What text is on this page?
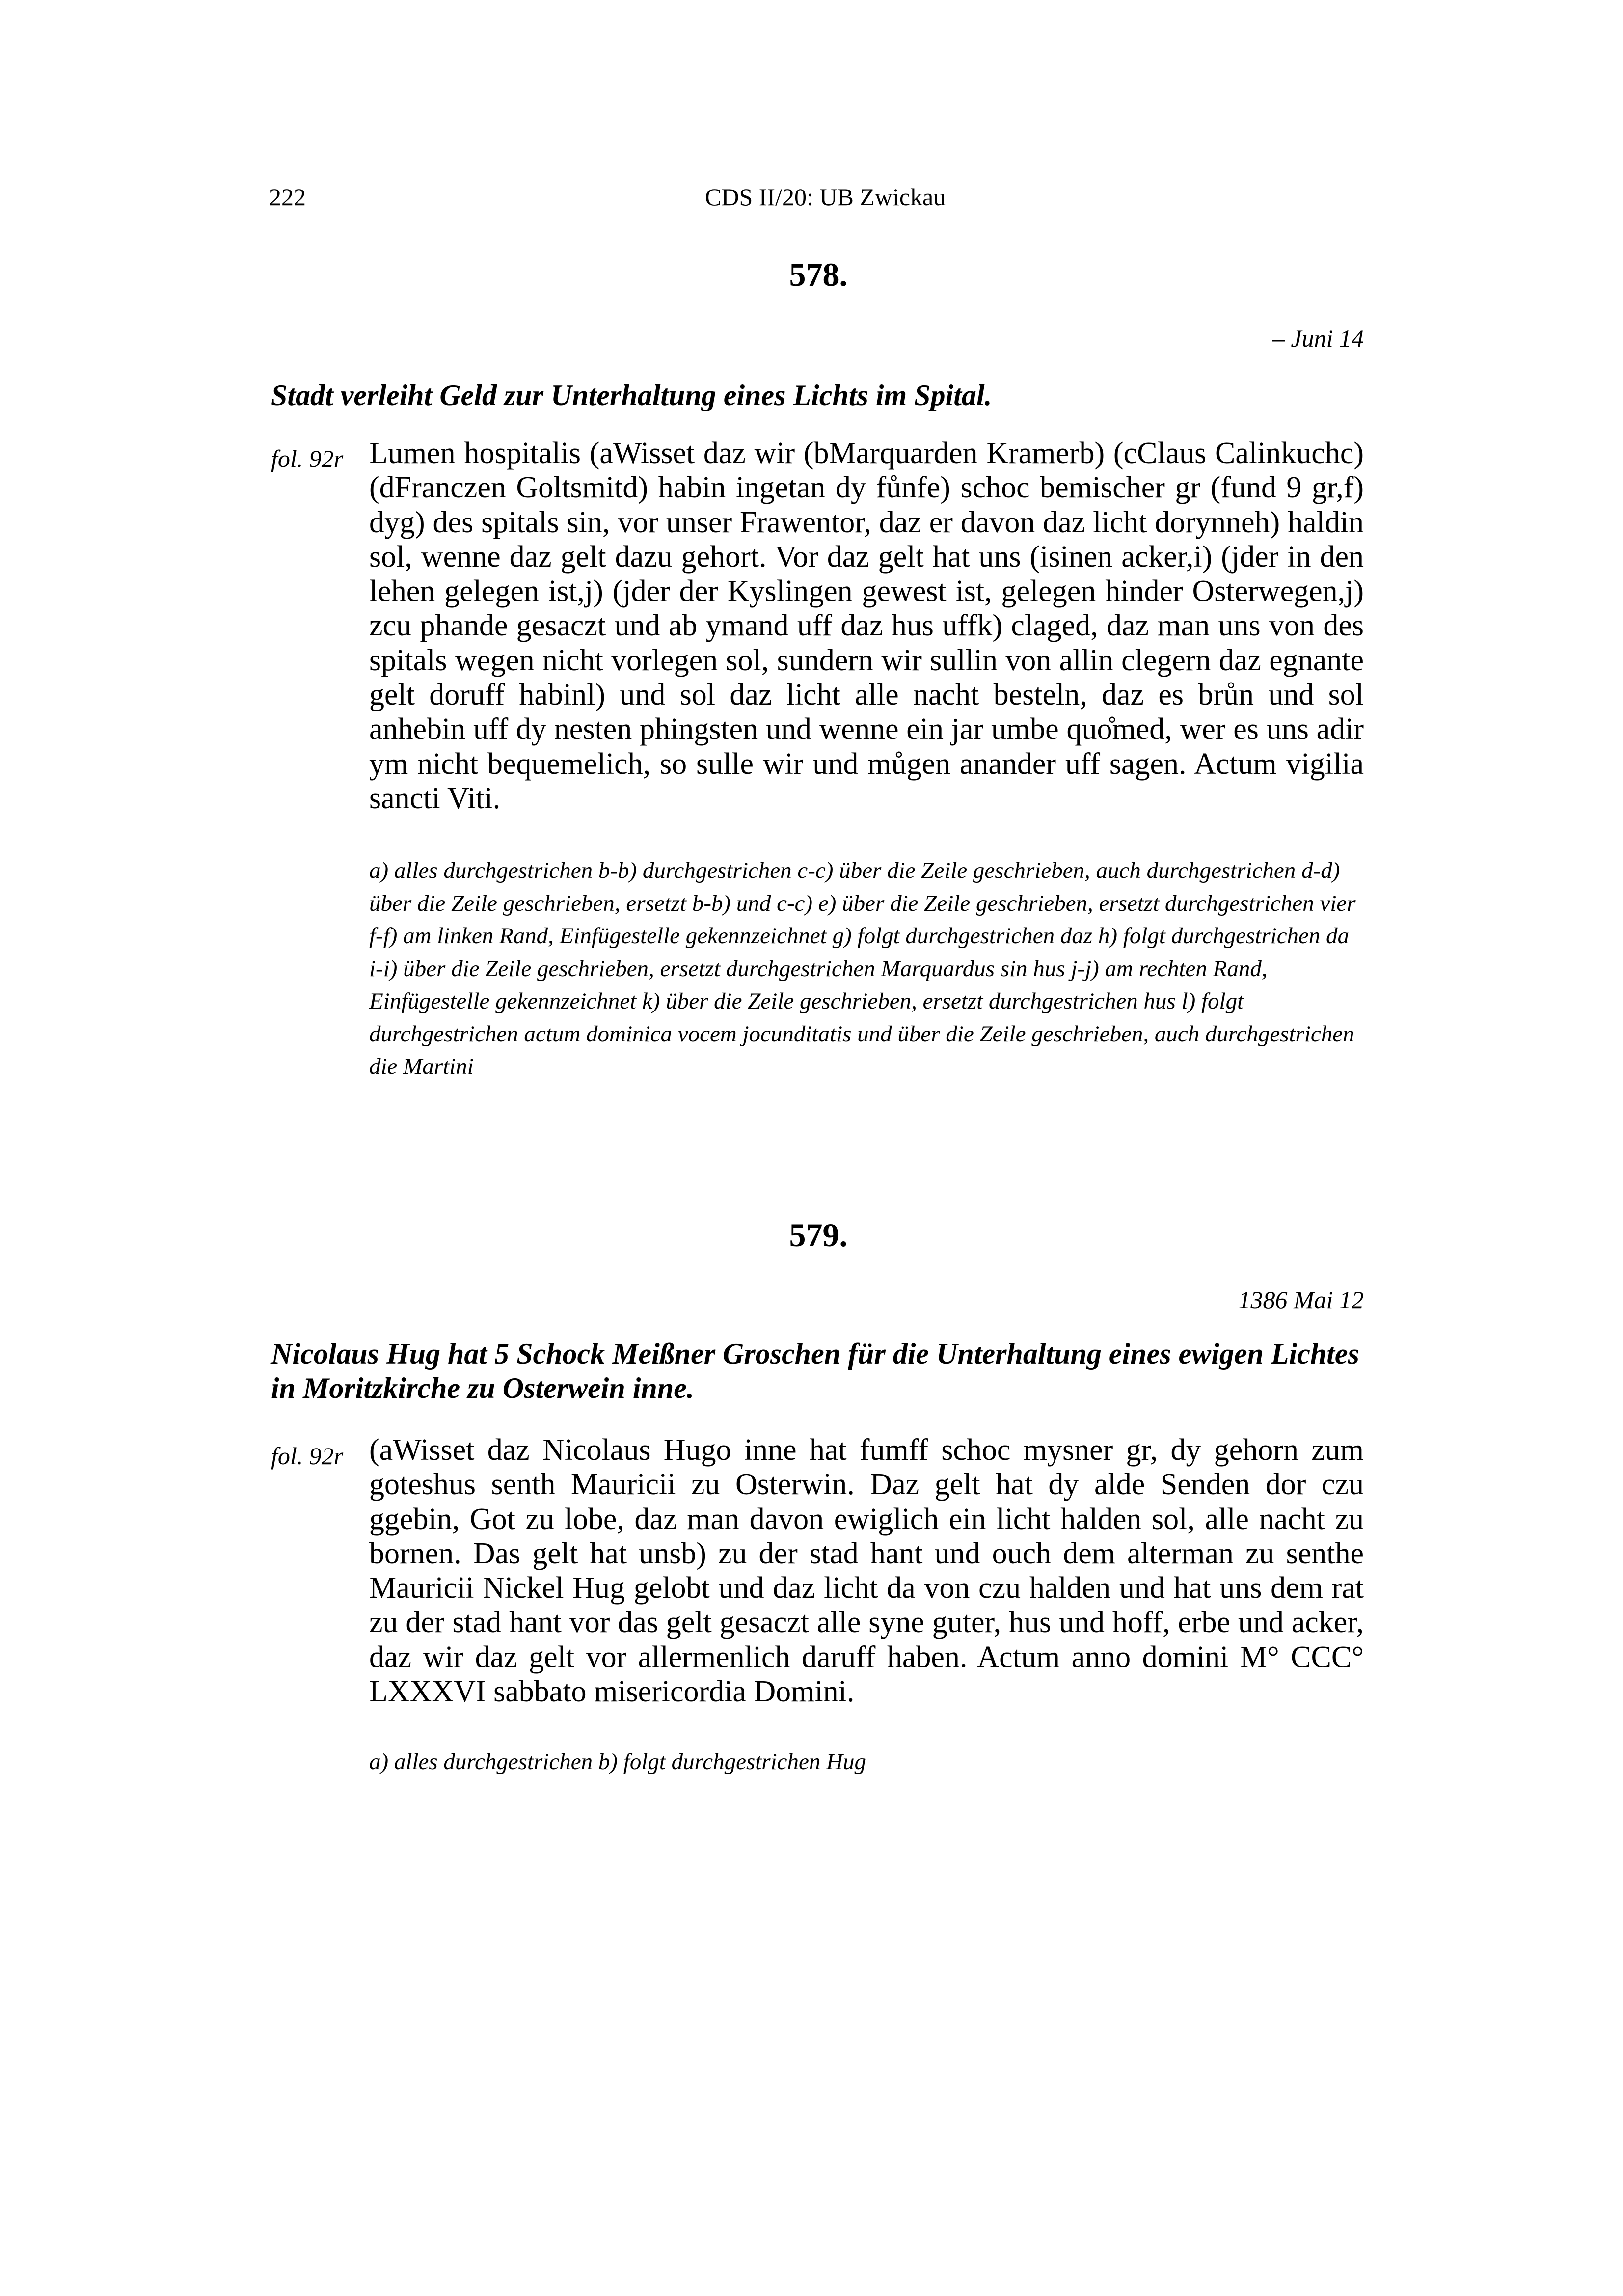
222	CDS II/20: UB Zwickau
578.
– Juni 14
Stadt verleiht Geld zur Unterhaltung eines Lichts im Spital.
fol. 92r Lumen hospitalis (aWisset daz wir (bMarquarden Kramerb) (cClaus Calinkuchc) (dFranczen Goltsmitd) habin ingetan dy fůnfe) schoc bemischer gr (fund 9 gr,f) dyg) des spitals sin, vor unser Frawentor, daz er davon daz licht dorynneh) haldin sol, wenne daz gelt dazu gehort. Vor daz gelt hat uns (isinen acker,i) (jder in den lehen gelegen ist,j) (jder der Kyslingen gewest ist, gelegen hinder Osterwegen,j) zcu phande gesaczt und ab ymand uff daz hus uffk) claged, daz man uns von des spitals wegen nicht vorlegen sol, sundern wir sullin von allin clegern daz egnante gelt doruff habinl) und sol daz licht alle nacht besteln, daz es brůn und sol anhebin uff dy nesten phingsten und wenne ein jar umbe quo̊med, wer es uns adir ym nicht bequemelich, so sulle wir und můgen anander uff sagen. Actum vigilia sancti Viti.

a) alles durchgestrichen b-b) durchgestrichen c-c) über die Zeile geschrieben, auch durchgestrichen d-d) über die Zeile geschrieben, ersetzt b-b) und c-c) e) über die Zeile geschrieben, ersetzt durchgestrichen vier f-f) am linken Rand, Einfügestelle gekennzeichnet g) folgt durchgestrichen daz h) folgt durchgestrichen da i-i) über die Zeile geschrieben, ersetzt durchgestrichen Marquardus sin hus j-j) am rechten Rand, Einfügestelle gekennzeichnet k) über die Zeile geschrieben, ersetzt durchgestrichen hus l) folgt durchgestrichen actum dominica vocem jocunditatis und über die Zeile geschrieben, auch durchgestrichen die Martini

579.
1386 Mai 12
Nicolaus Hug hat 5 Schock Meißner Groschen für die Unterhaltung eines ewigen Lichtes in Moritzkirche zu Osterwein inne.
fol. 92r (aWisset daz Nicolaus Hugo inne hat fumff schoc mysner gr, dy gehorn zum goteshus senth Mauricii zu Osterwin. Daz gelt hat dy alde Senden dor czu ggebin, Got zu lobe, daz man davon ewiglich ein licht halden sol, alle nacht zu bornen. Das gelt hat unsb) zu der stad hant und ouch dem alterman zu senthe Mauricii Nickel Hug gelobt und daz licht da von czu halden und hat uns dem rat zu der stad hant vor das gelt gesaczt alle syne guter, hus und hoff, erbe und acker, daz wir daz gelt vor allermenlich daruff haben. Actum anno domini M° CCC° LXXXVI sabbato misericordia Domini.

a) alles durchgestrichen b) folgt durchgestrichen Hug
